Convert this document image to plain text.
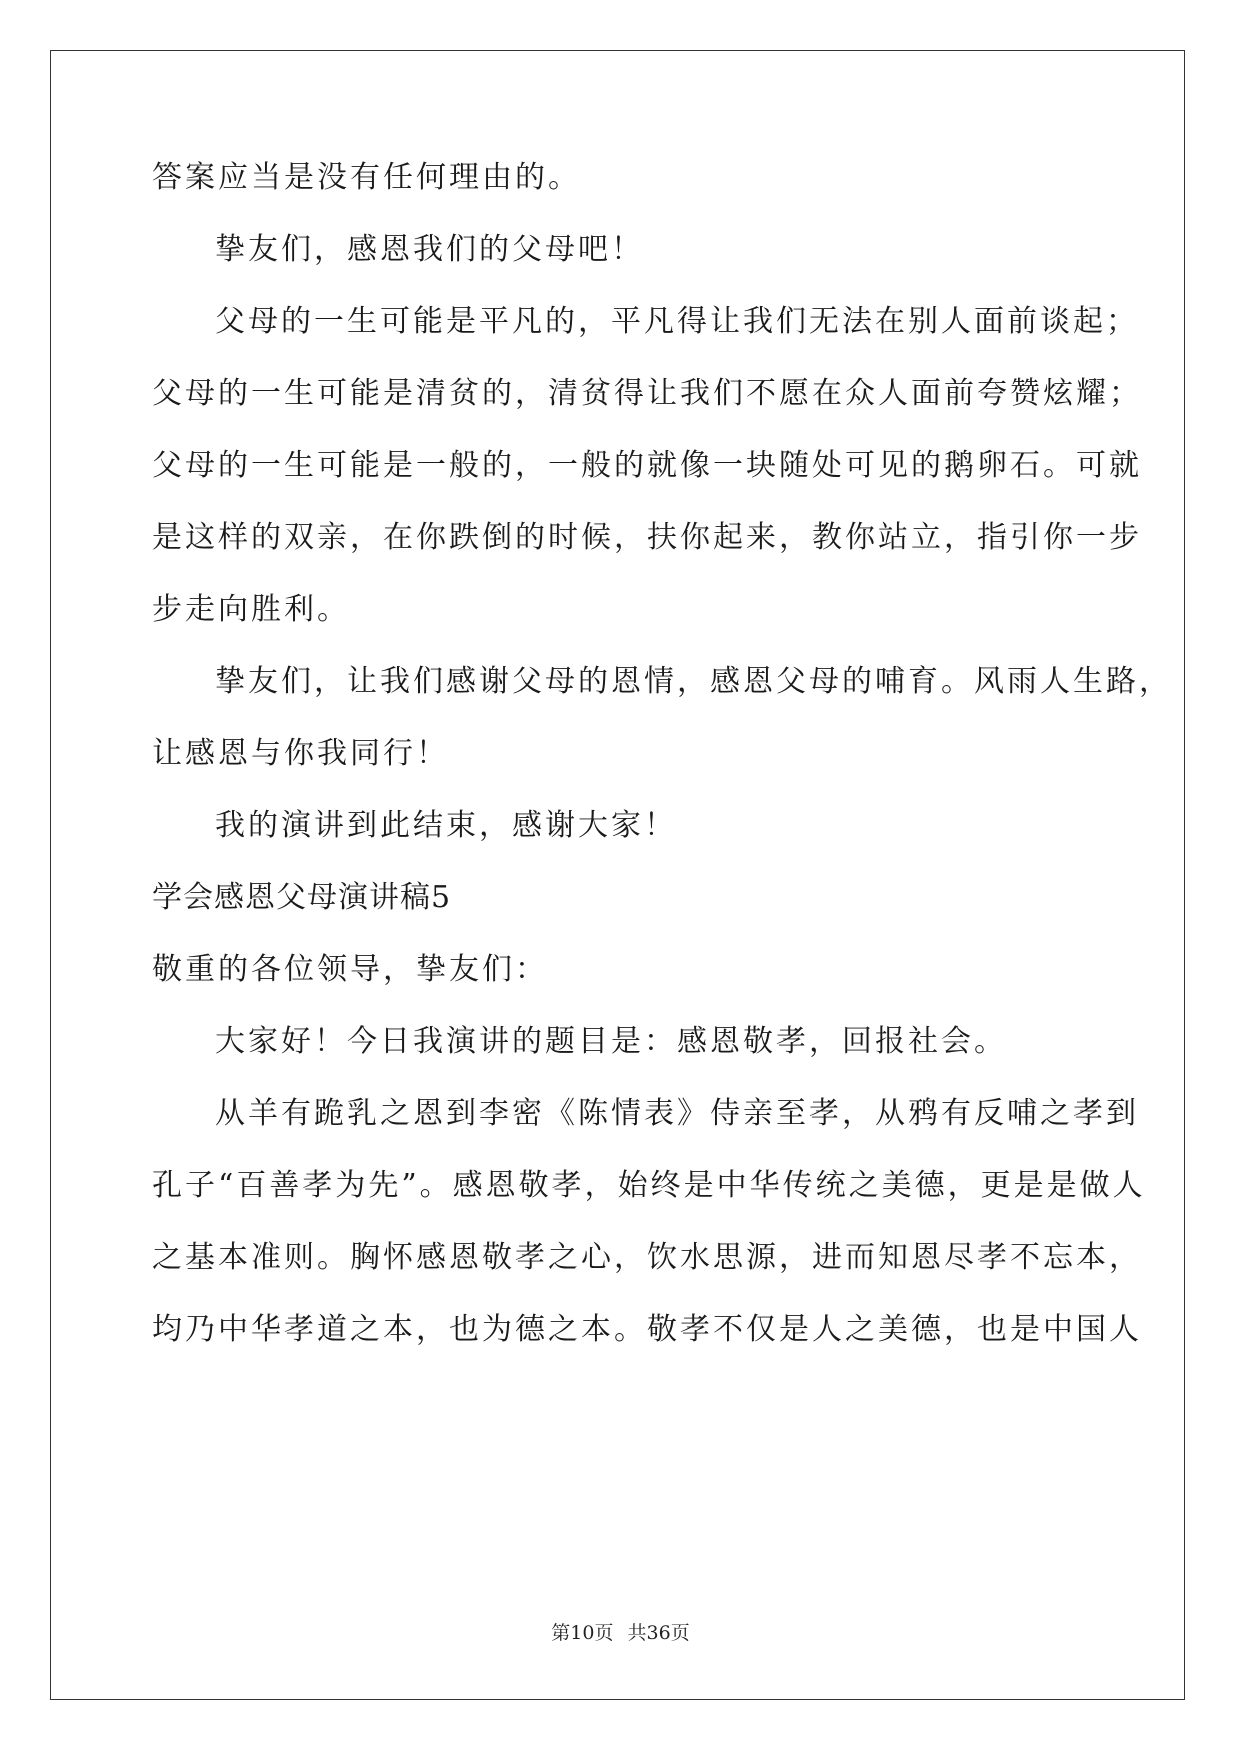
答案应当是没有任何理由的。
挚友们，感恩我们的父母吧！
父母的一生可能是平凡的，平凡得让我们无法在别人面前谈起；
父母的一生可能是清贫的，清贫得让我们不愿在众人面前夸赞炫耀；
父母的一生可能是一般的，一般的就像一块随处可见的鹅卵石。可就
是这样的双亲，在你跌倒的时候，扶你起来，教你站立，指引你一步
步走向胜利。
挚友们，让我们感谢父母的恩情，感恩父母的哺育。风雨人生路，
让感恩与你我同行！
我的演讲到此结束，感谢大家！
学会感恩父母演讲稿5
敬重的各位领导，挚友们：
大家好！今日我演讲的题目是：感恩敬孝，回报社会。
从羊有跪乳之恩到李密《陈情表》侍亲至孝，从鸦有反哺之孝到
孔子“百善孝为先”。感恩敬孝，始终是中华传统之美德，更是是做人
之基本准则。胸怀感恩敬孝之心，饮水思源，进而知恩尽孝不忘本，
均乃中华孝道之本，也为德之本。敬孝不仅是人之美德，也是中国人
第10页 共36页
